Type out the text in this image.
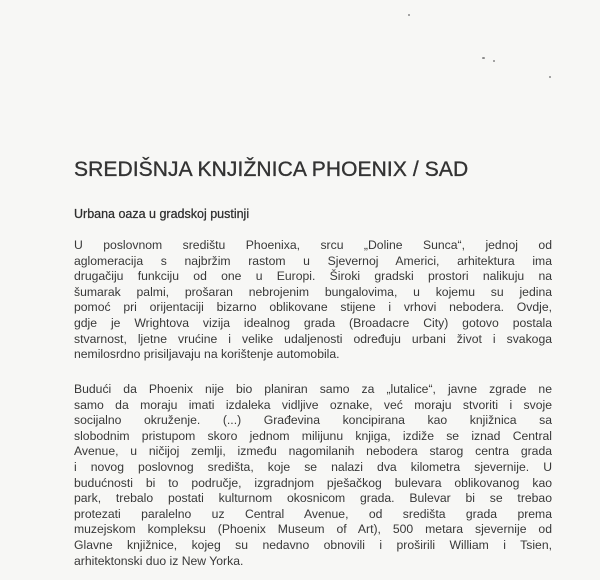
SREDIŠNJA KNJIŽNICA PHOENIX / SAD
Urbana oaza u gradskoj pustinji
U poslovnom središtu Phoenixa, srcu „Doline Sunca“, jednoj od
aglomeracija s najbržim rastom u Sjevernoj Americi, arhitektura ima
drugačiju funkciju od one u Europi. Široki gradski prostori nalikuju na
šumarak palmi, prošaran nebrojenim bungalovima, u kojemu su jedina
pomoć pri orijentaciji bizarno oblikovane stijene i vrhovi nebodera. Ovdje,
gdje je Wrightova vizija idealnog grada (Broadacre City) gotovo postala
stvarnost, ljetne vrućine i velike udaljenosti određuju urbani život i svakoga
nemilosrdno prisiljavaju na korištenje automobila.
Budući da Phoenix nije bio planiran samo za „lutalice“, javne zgrade ne
samo da moraju imati izdaleka vidljive oznake, već moraju stvoriti i svoje
socijalno okruženje. (...) Građevina koncipirana kao knjižnica sa
slobodnim pristupom skoro jednom milijunu knjiga, izdiže se iznad Central
Avenue, u ničijoj zemlji, između nagomilanih nebodera starog centra grada
i novog poslovnog središta, koje se nalazi dva kilometra sjevernije. U
budućnosti bi to područje, izgradnjom pješačkog bulevara oblikovanog kao
park, trebalo postati kulturnom okosnicom grada. Bulevar bi se trebao
protezati paralelno uz Central Avenue, od središta grada prema
muzejskom kompleksu (Phoenix Museum of Art), 500 metara sjevernije od
Glavne knjižnice, kojeg su nedavno obnovili i proširili William i Tsien,
arhitektonski duo iz New Yorka.
